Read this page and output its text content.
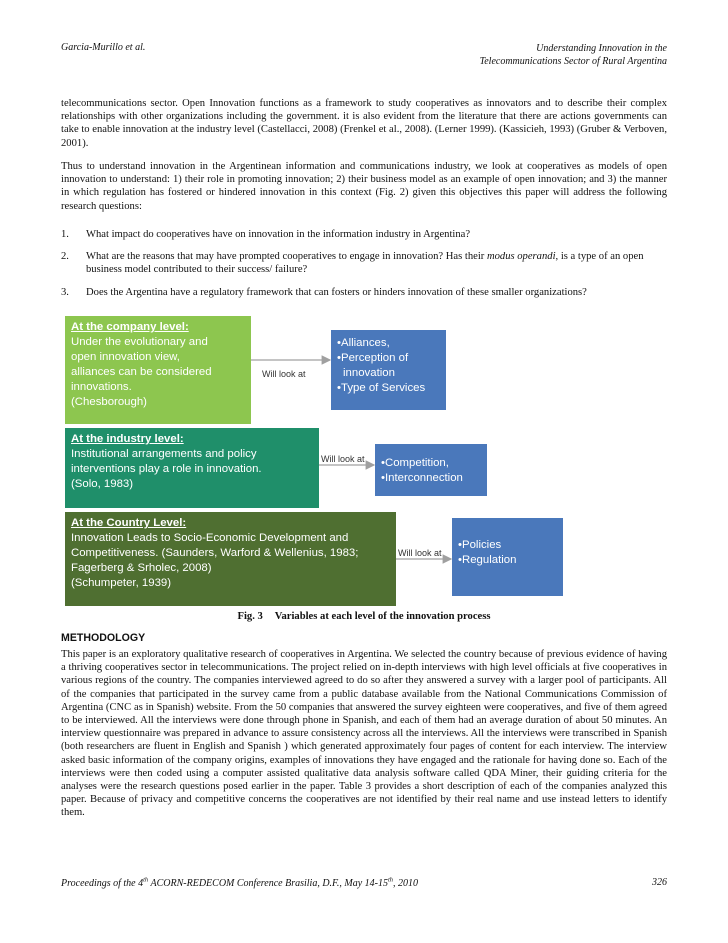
Garcia-Murillo et al.	Understanding Innovation in the
Telecommunications Sector of Rural Argentina
telecommunications sector. Open Innovation functions as a framework to study cooperatives as innovators and to describe their complex relationships with other organizations including the government. it is also evident from the literature that there are actions governments can take to enable innovation at the industry level (Castellacci, 2008) (Frenkel et al., 2008). (Lerner 1999). (Kassicieh, 1993) (Gruber & Verboven, 2001).
Thus to understand innovation in the Argentinean information and communications industry, we look at cooperatives as models of open innovation to understand: 1) their role in promoting innovation; 2) their business model as an example of open innovation; and 3) the manner in which regulation has fostered or hindered innovation in this context (Fig. 2) given this objectives this paper will address the following research questions:
1. What impact do cooperatives have on innovation in the information industry in Argentina?
2. What are the reasons that may have prompted cooperatives to engage in innovation? Has their modus operandi, is a type of an open business model contributed to their success/ failure?
3. Does the Argentina have a regulatory framework that can fosters or hinders innovation of these smaller organizations?
At the company level:
Under the evolutionary and
open innovation view,
alliances can be considered
innovations.
(Chesborough)
Will look at
•Alliances,
•Perception of
innovation
•Type of Services
At the industry level:
Institutional arrangements and policy
interventions play a role in innovation.
(Solo, 1983)
Will look at •Competition,
•Interconnection
At the Country Level:
Innovation Leads to Socio-Economic Development and
Competitiveness. (Saunders, Warford & Wellenius, 1983;
Fagerberg & Srholec, 2008)
(Schumpeter, 1939)
Will look at
•Policies
•Regulation
Fig. 3 Variables at each level of the innovation process
METHODOLOGY
This paper is an exploratory qualitative research of cooperatives in Argentina. We selected the country because of previous evidence of having a thriving cooperatives sector in telecommunications. The project relied on in-depth interviews with high level officials at five cooperatives in various regions of the country. The companies interviewed agreed to do so after they answered a survey with a larger pool of participants. All of the companies that participated in the survey came from a public database available from the National Communications Commission of Argentina (CNC as in Spanish) website. From the 50 companies that answered the survey eighteen were cooperatives, and five of them agreed to be interviewed. All the interviews were done through phone in Spanish, and each of them had an average duration of about 50 minutes. An interview questionnaire was prepared in advance to assure consistency across all the interviews. All the interviews were transcribed in Spanish (both researchers are fluent in English and Spanish ) which generated approximately four pages of content for each interview. The interview asked basic information of the company origins, examples of innovations they have engaged and the rationale for having done so. Each of the interviews were then coded using a computer assisted qualitative data analysis software called QDA Miner, their guiding criteria for the analyses were the research questions posed earlier in the paper. Table 3 provides a short description of each of the companies analyzed this paper. Because of privacy and competitive concerns the cooperatives are not identified by their real name and use instead letters to identify them.
Proceedings of the 4th ACORN-REDECOM Conference Brasilia, D.F., May 14-15th, 2010	326
